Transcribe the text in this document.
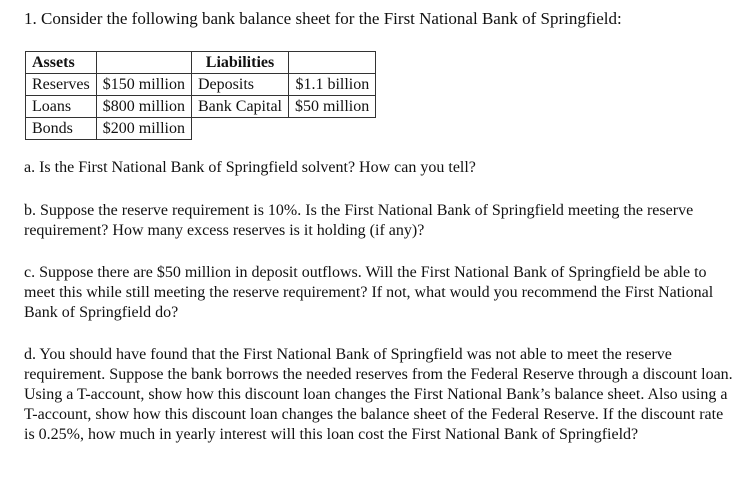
1. Consider the following bank balance sheet for the First National Bank of Springfield:
Assets		Liabilities	
Reserves	$150 million	Deposits	$1.1 billion
Loans	$800 million	Bank Capital	$50 million
Bonds	$200 million		
a. Is the First National Bank of Springfield solvent? How can you tell?
b. Suppose the reserve requirement is 10%. Is the First National Bank of Springfield meeting the reserve requirement? How many excess reserves is it holding (if any)?
c. Suppose there are $50 million in deposit outflows. Will the First National Bank of Springfield be able to meet this while still meeting the reserve requirement? If not, what would you recommend the First National Bank of Springfield do?
d. You should have found that the First National Bank of Springfield was not able to meet the reserve requirement. Suppose the bank borrows the needed reserves from the Federal Reserve through a discount loan. Using a T-account, show how this discount loan changes the First National Bank’s balance sheet. Also using a T-account, show how this discount loan changes the balance sheet of the Federal Reserve. If the discount rate is 0.25%, how much in yearly interest will this loan cost the First National Bank of Springfield?
